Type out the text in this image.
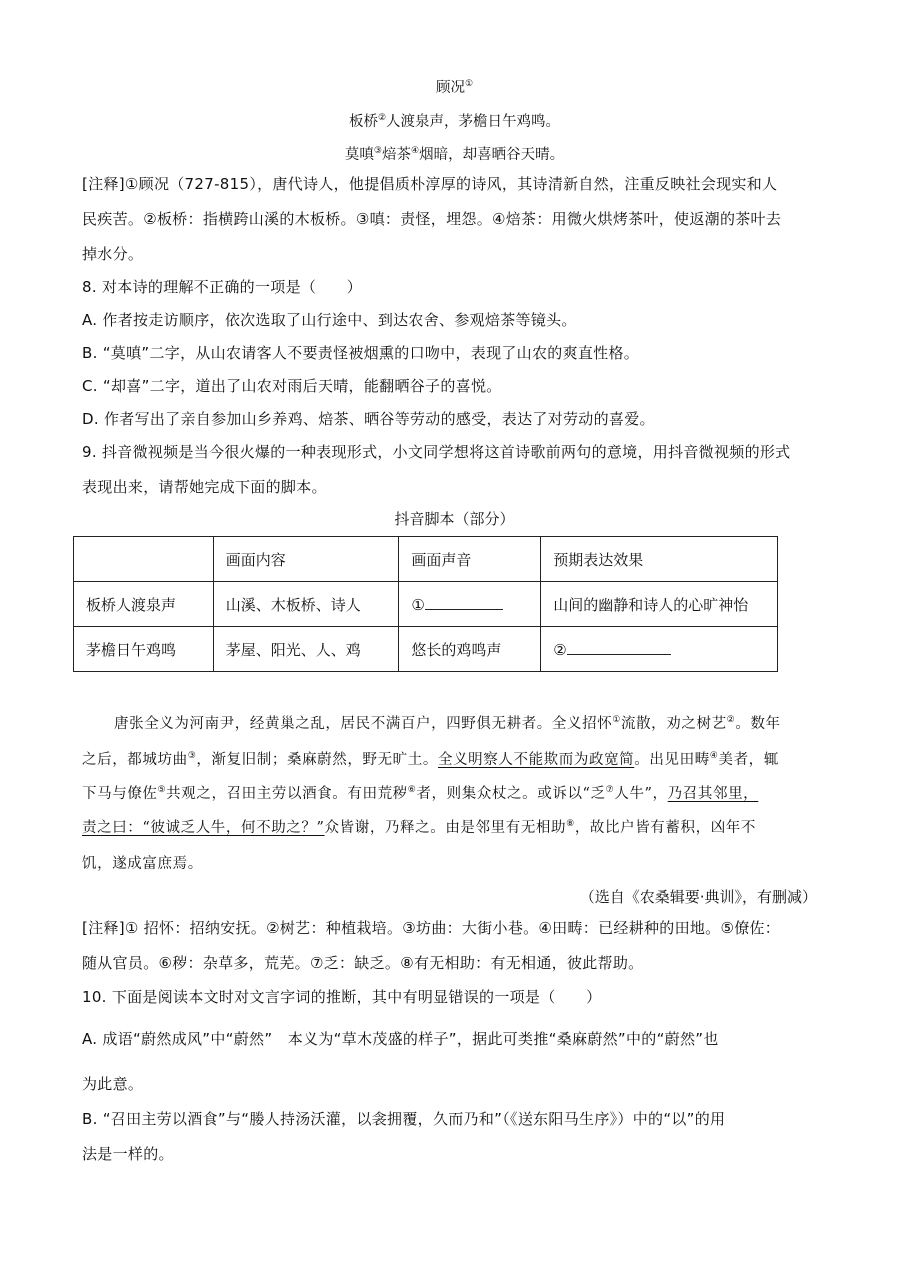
顾况①
板桥②人渡泉声，茅檐日午鸡鸣。
莫嗔③焙茶④烟暗，却喜晒谷天晴。
[注释]①顾况（727-815），唐代诗人，他提倡质朴淳厚的诗风，其诗清新自然，注重反映社会现实和人
民疾苦。②板桥：指横跨山溪的木板桥。③嗔：责怪，埋怨。④焙茶：用微火烘烤茶叶，使返潮的茶叶去
掉水分。
8. 对本诗的理解不正确的一项是（　　）
A. 作者按走访顺序，依次选取了山行途中、到达农舍、参观焙茶等镜头。
B. “莫嗔”二字，从山农请客人不要责怪被烟熏的口吻中，表现了山农的爽直性格。
C. “却喜”二字，道出了山农对雨后天晴，能翻晒谷子的喜悦。
D. 作者写出了亲自参加山乡养鸡、焙茶、晒谷等劳动的感受，表达了对劳动的喜爱。
9. 抖音微视频是当今很火爆的一种表现形式，小文同学想将这首诗歌前两句的意境，用抖音微视频的形式
表现出来，请帮她完成下面的脚本。
抖音脚本（部分）
	画面内容	画面声音	预期表达效果
板桥人渡泉声	山溪、木板桥、诗人	①	山间的幽静和诗人的心旷神怡
茅檐日午鸡鸣	茅屋、阳光、人、鸡	悠长的鸡鸣声	②
唐张全义为河南尹，经黄巢之乱，居民不满百户，四野俱无耕者。全义招怀①流散，劝之树艺②。数年
之后，都城坊曲③，渐复旧制；桑麻蔚然，野无旷土。全义明察人不能欺而为政宽简。出见田畴④美者，辄
下马与僚佐⑤共观之，召田主劳以酒食。有田荒秽⑥者，则集众杖之。或诉以“乏⑦人牛”，乃召其邻里，
责之曰：“彼诚乏人牛，何不助之？”众皆谢，乃释之。由是邻里有无相助⑧，故比户皆有蓄积，凶年不
饥，遂成富庶焉。
（选自《农桑辑要·典训》，有删减）
[注释]① 招怀：招纳安抚。②树艺：种植栽培。③坊曲：大街小巷。④田畴：已经耕种的田地。⑤僚佐：
随从官员。⑥秽：杂草多，荒芜。⑦乏：缺乏。⑧有无相助：有无相通，彼此帮助。
10. 下面是阅读本文时对文言字词的推断，其中有明显错误的一项是（　　）
A. 成语“蔚然成风”中“蔚然”　本义为“草木茂盛的样子”，据此可类推“桑麻蔚然”中的“蔚然”也
为此意。
B. “召田主劳以酒食”与“媵人持汤沃灌，以衾拥覆，久而乃和”（《送东阳马生序》）中的“以”的用
法是一样的。
